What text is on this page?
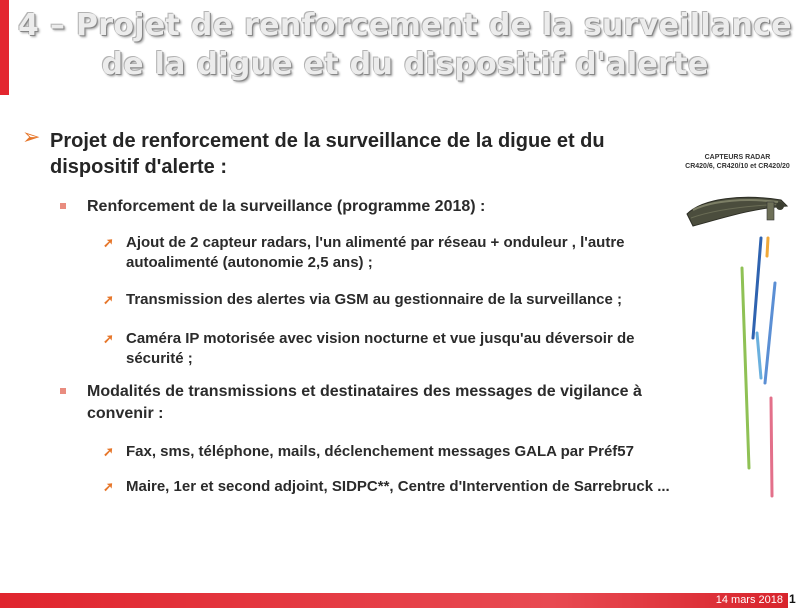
4 – Projet de renforcement de la surveillance
de la digue et du dispositif d'alerte
➢ Projet de renforcement de la surveillance de la digue et du
dispositif d'alerte :	CAPTEURS RADAR
CR420/6, CR420/10 et CR420/20
Renforcement de la surveillance (programme 2018) :
➚ Ajout de 2 capteur radars, l'un alimenté par réseau + onduleur , l'autre
autoalimenté (autonomie 2,5 ans) ;
➚ Transmission des alertes via GSM au gestionnaire de la surveillance ;
➚ Caméra IP motorisée avec vision nocturne et vue jusqu'au déversoir de
sécurité ;
Modalités de transmissions et destinataires des messages de vigilance à
convenir :
➚ Fax, sms, téléphone, mails, déclenchement messages GALA par Préf57
➚ Maire, 1er et second adjoint, SIDPC**, Centre d'Intervention de Sarrebruck ...
14 mars 2018 1
